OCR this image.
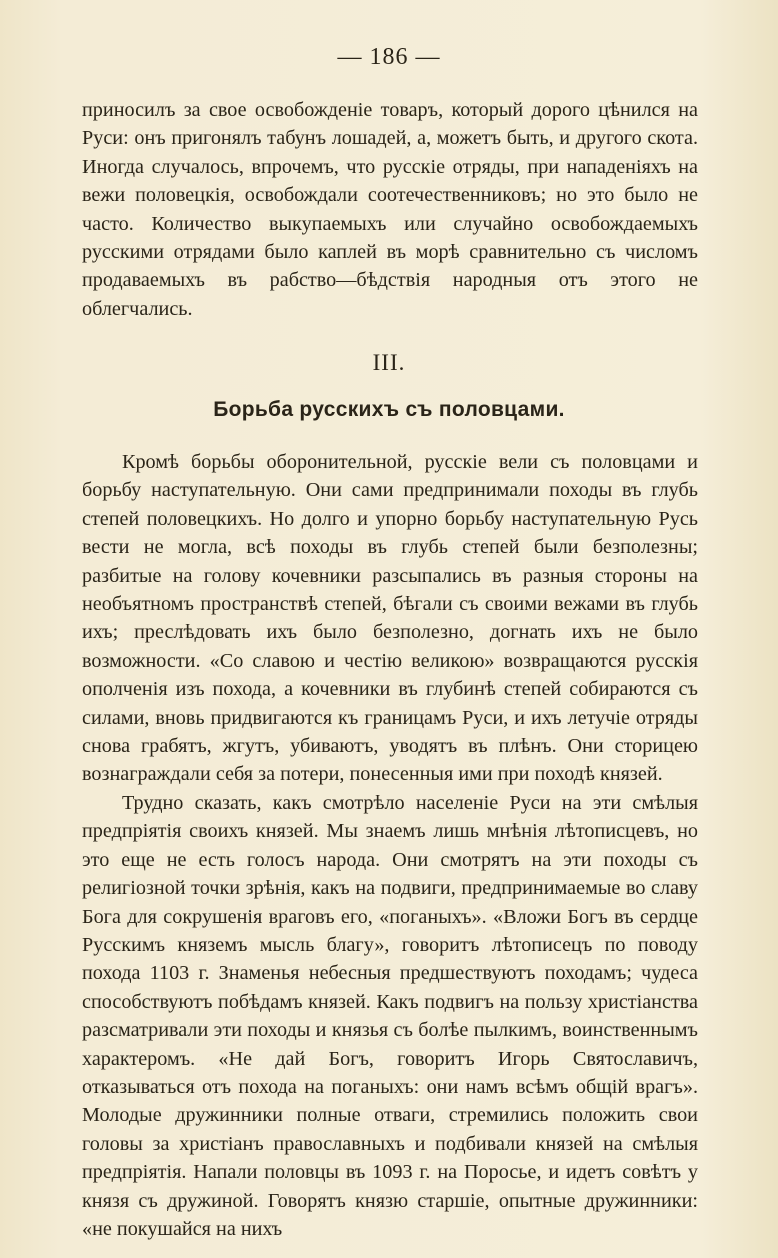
— 186 —

приносилъ за свое освобожденіе товаръ, который дорого цѣнился на Руси: онъ пригонялъ табунъ лошадей, а, можетъ быть, и другого скота. Иногда случалось, впрочемъ, что русскіе отряды, при нападеніяхъ на вежи половецкія, освобождали соотечественниковъ; но это было не часто. Количество выкупаемыхъ или случайно освобождаемыхъ русскими отрядами было каплей въ морѣ сравнительно съ числомъ продаваемыхъ въ рабство—бѣдствія народныя отъ этого не облегчались.

III.
Борьба русскихъ съ половцами.

Кромѣ борьбы оборонительной, русскіе вели съ половцами и борьбу наступательную. Они сами предпринимали походы въ глубь степей половецкихъ. Но долго и упорно борьбу наступательную Русь вести не могла, всѣ походы въ глубь степей были безполезны; разбитые на голову кочевники разсыпались въ разныя стороны на необъятномъ пространствѣ степей, бѣгали съ своими вежами въ глубь ихъ; преслѣдовать ихъ было безполезно, догнать ихъ не было возможности. «Со славою и честію великою» возвращаются русскія ополченія изъ похода, а кочевники въ глубинѣ степей собираются съ силами, вновь придвигаются къ границамъ Руси, и ихъ летучіе отряды снова грабятъ, жгутъ, убиваютъ, уводятъ въ плѣнъ. Они сторицею вознаграждали себя за потери, понесенныя ими при походѣ князей.

Трудно сказать, какъ смотрѣло населеніе Руси на эти смѣлыя предпріятія своихъ князей. Мы знаемъ лишь мнѣнія лѣтописцевъ, но это еще не есть голосъ народа. Они смотрятъ на эти походы съ религіозной точки зрѣнія, какъ на подвиги, предпринимаемые во славу Бога для сокрушенія враговъ его, «поганыхъ». «Вложи Богъ въ сердце Русскимъ княземъ мысль благу», говоритъ лѣтописецъ по поводу похода 1103 г. Знаменья небесныя предшествуютъ походамъ; чудеса способствуютъ побѣдамъ князей. Какъ подвигъ на пользу христіанства разсматривали эти походы и князья съ болѣе пылкимъ, воинственнымъ характеромъ. «Не дай Богъ, говоритъ Игорь Святославичъ, отказываться отъ похода на поганыхъ: они намъ всѣмъ общій врагъ». Молодые дружинники полные отваги, стремились положить свои головы за христіанъ православныхъ и подбивали князей на смѣлыя предпріятія. Напали половцы въ 1093 г. на Поросье, и идетъ совѣтъ у князя съ дружиной. Говорятъ князю старшіе, опытные дружинники: «не покушайся на нихъ
